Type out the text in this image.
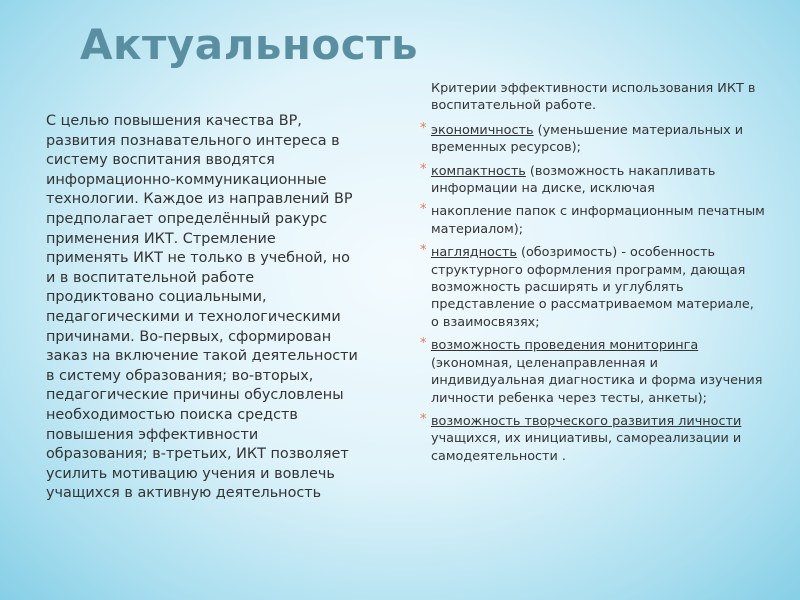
Актуальность

С целью повышения качества ВР, развития познавательного интереса в систему воспитания вводятся информационно-коммуникационные технологии. Каждое из направлений ВР предполагает определённый ракурс применения ИКТ. Стремление применять ИКТ не только в учебной, но и в воспитательной работе продиктовано социальными, педагогическими и технологическими причинами. Во-первых, сформирован заказ на включение такой деятельности в систему образования; во-вторых, педагогические причины обусловлены необходимостью поиска средств повышения эффективности образования; в-третьих, ИКТ позволяет усилить мотивацию учения и вовлечь учащихся в активную деятельность

Критерии эффективности использования ИКТ в воспитательной работе.
* экономичность (уменьшение материальных и временных ресурсов);
* компактность (возможность накапливать информации на диске, исключая
* накопление папок с информационным печатным материалом);
* наглядность (обозримость) - особенность структурного оформления программ, дающая возможность расширять и углублять представление о рассматриваемом материале, о взаимосвязях;
* возможность проведения мониторинга (экономная, целенаправленная и индивидуальная диагностика и форма изучения личности ребенка через тесты, анкеты);
* возможность творческого развития личности учащихся, их инициативы, самореализации и самодеятельности .
